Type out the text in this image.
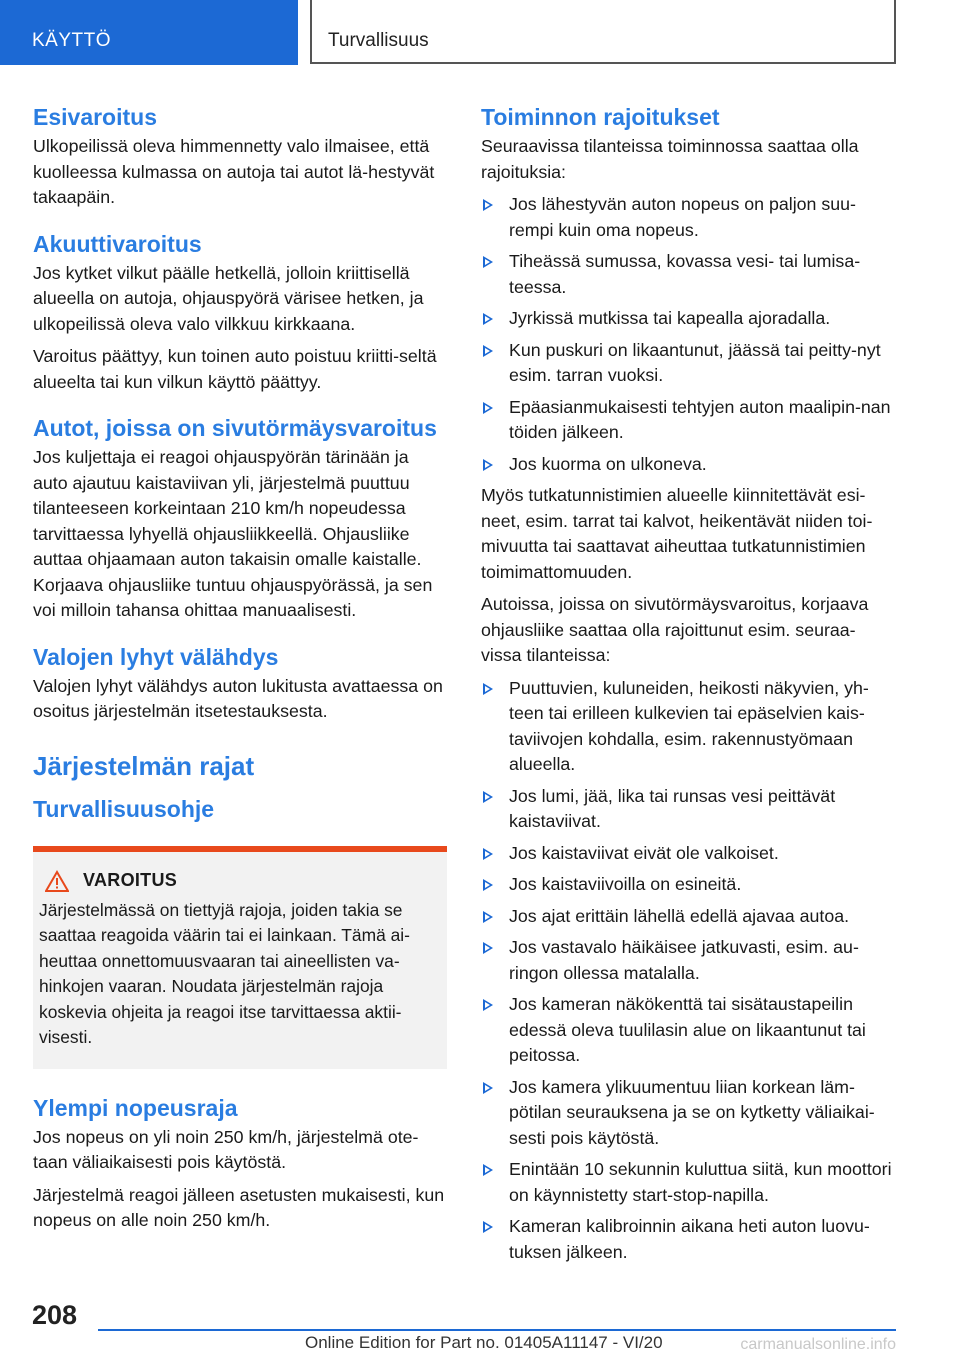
KÄYTTÖ	Turvallisuus
Esivaroitus

Ulkopeilissä oleva himmennetty valo ilmaisee, että kuolleessa kulmassa on autoja tai autot lä-hestyvät takaapäin.

Akuuttivaroitus

Jos kytket vilkut päälle hetkellä, jolloin kriittisellä alueella on autoja, ohjauspyörä värisee hetken, ja ulkopeilissä oleva valo vilkkuu kirkkaana.

Varoitus päättyy, kun toinen auto poistuu kriitti-seltä alueelta tai kun vilkun käyttö päättyy.

Autot, joissa on sivutörmäysvaroitus

Jos kuljettaja ei reagoi ohjauspyörän tärinään ja auto ajautuu kaistaviivan yli, järjestelmä puuttuu tilanteeseen korkeintaan 210 km/h nopeudessa tarvittaessa lyhyellä ohjausliikkeellä. Ohjausliike auttaa ohjaamaan auton takaisin omalle kaistalle. Korjaava ohjausliike tuntuu ohjauspyörässä, ja sen voi milloin tahansa ohittaa manuaalisesti.

Valojen lyhyt välähdys

Valojen lyhyt välähdys auton lukitusta avattaessa on osoitus järjestelmän itsetestauksesta.

Järjestelmän rajat
Turvallisuusohje
VAROITUS

Järjestelmässä on tiettyjä rajoja, joiden takia se saattaa reagoida väärin tai ei lainkaan. Tämä ai-heuttaa onnettomuusvaaran tai aineellisten va-hinkojen vaaran. Noudata järjestelmän rajoja koskevia ohjeita ja reagoi itse tarvittaessa aktii-visesti.

Ylempi nopeusraja

Jos nopeus on yli noin 250 km/h, järjestelmä ote-taan väliaikaisesti pois käytöstä.

Järjestelmä reagoi jälleen asetusten mukaisesti, kun nopeus on alle noin 250 km/h.

Toiminnon rajoitukset

Seuraavissa tilanteissa toiminnossa saattaa olla rajoituksia:

Jos lähestyvän auton nopeus on paljon suu-rempi kuin oma nopeus.
Tiheässä sumussa, kovassa vesi- tai lumisa-teessa.
Jyrkissä mutkissa tai kapealla ajoradalla.
Kun puskuri on likaantunut, jäässä tai peitty-nyt esim. tarran vuoksi.
Epäasianmukaisesti tehtyjen auton maalipin-nan töiden jälkeen.
Jos kuorma on ulkoneva.

Myös tutkatunnistimien alueelle kiinnitettävät esi-neet, esim. tarrat tai kalvot, heikentävät niiden toi-mivuutta tai saattavat aiheuttaa tutkatunnistimien toimimattomuuden.

Autoissa, joissa on sivutörmäysvaroitus, korjaava ohjausliike saattaa olla rajoittunut esim. seuraa-vissa tilanteissa:

Puuttuvien, kuluneiden, heikosti näkyvien, yh-teen tai erilleen kulkevien tai epäselvien kais-taviivojen kohdalla, esim. rakennustyömaan alueella.
Jos lumi, jää, lika tai runsas vesi peittävät kaistaviivat.
Jos kaistaviivat eivät ole valkoiset.
Jos kaistaviivoilla on esineitä.
Jos ajat erittäin lähellä edellä ajavaa autoa.
Jos vastavalo häikäisee jatkuvasti, esim. au-ringon ollessa matalalla.
Jos kameran näkökenttä tai sisätaustapeilin edessä oleva tuulilasin alue on likaantunut tai peitossa.
Jos kamera ylikuumentuu liian korkean läm-pötilan seurauksena ja se on kytketty väliaikai-sesti pois käytöstä.
Enintään 10 sekunnin kuluttua siitä, kun moottori on käynnistetty start-stop-napilla.
Kameran kalibroinnin aikana heti auton luovu-tuksen jälkeen.
208
Online Edition for Part no. 01405A11147 - VI/20	carmanualsonline.info
